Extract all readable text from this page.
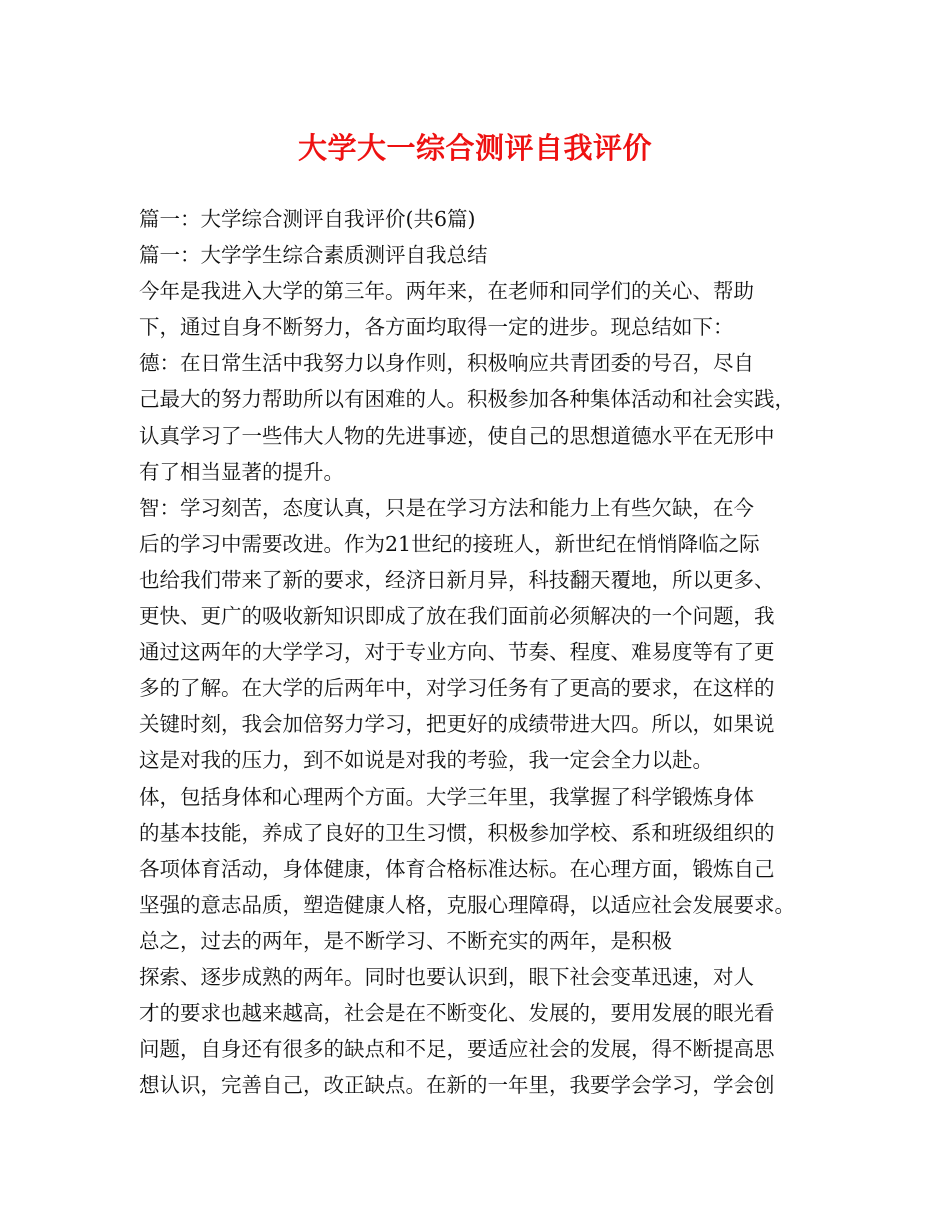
大学大一综合测评自我评价
篇一：大学综合测评自我评价(共6篇)
篇一：大学学生综合素质测评自我总结
今年是我进入大学的第三年。两年来，在老师和同学们的关心、帮助
下，通过自身不断努力，各方面均取得一定的进步。现总结如下：
德：在日常生活中我努力以身作则，积极响应共青团委的号召，尽自
己最大的努力帮助所以有困难的人。积极参加各种集体活动和社会实践，
认真学习了一些伟大人物的先进事迹，使自己的思想道德水平在无形中
有了相当显著的提升。
智：学习刻苦，态度认真，只是在学习方法和能力上有些欠缺，在今
后的学习中需要改进。作为21世纪的接班人，新世纪在悄悄降临之际
也给我们带来了新的要求，经济日新月异，科技翻天覆地，所以更多、
更快、更广的吸收新知识即成了放在我们面前必须解决的一个问题，我
通过这两年的大学学习，对于专业方向、节奏、程度、难易度等有了更
多的了解。在大学的后两年中，对学习任务有了更高的要求，在这样的
关键时刻，我会加倍努力学习，把更好的成绩带进大四。所以，如果说
这是对我的压力，到不如说是对我的考验，我一定会全力以赴。
体，包括身体和心理两个方面。大学三年里，我掌握了科学锻炼身体
的基本技能，养成了良好的卫生习惯，积极参加学校、系和班级组织的
各项体育活动，身体健康，体育合格标准达标。在心理方面，锻炼自己
坚强的意志品质，塑造健康人格，克服心理障碍，以适应社会发展要求。
总之，过去的两年，是不断学习、不断充实的两年，是积极
探索、逐步成熟的两年。同时也要认识到，眼下社会变革迅速，对人
才的要求也越来越高，社会是在不断变化、发展的，要用发展的眼光看
问题，自身还有很多的缺点和不足，要适应社会的发展，得不断提高思
想认识，完善自己，改正缺点。在新的一年里，我要学会学习，学会创
